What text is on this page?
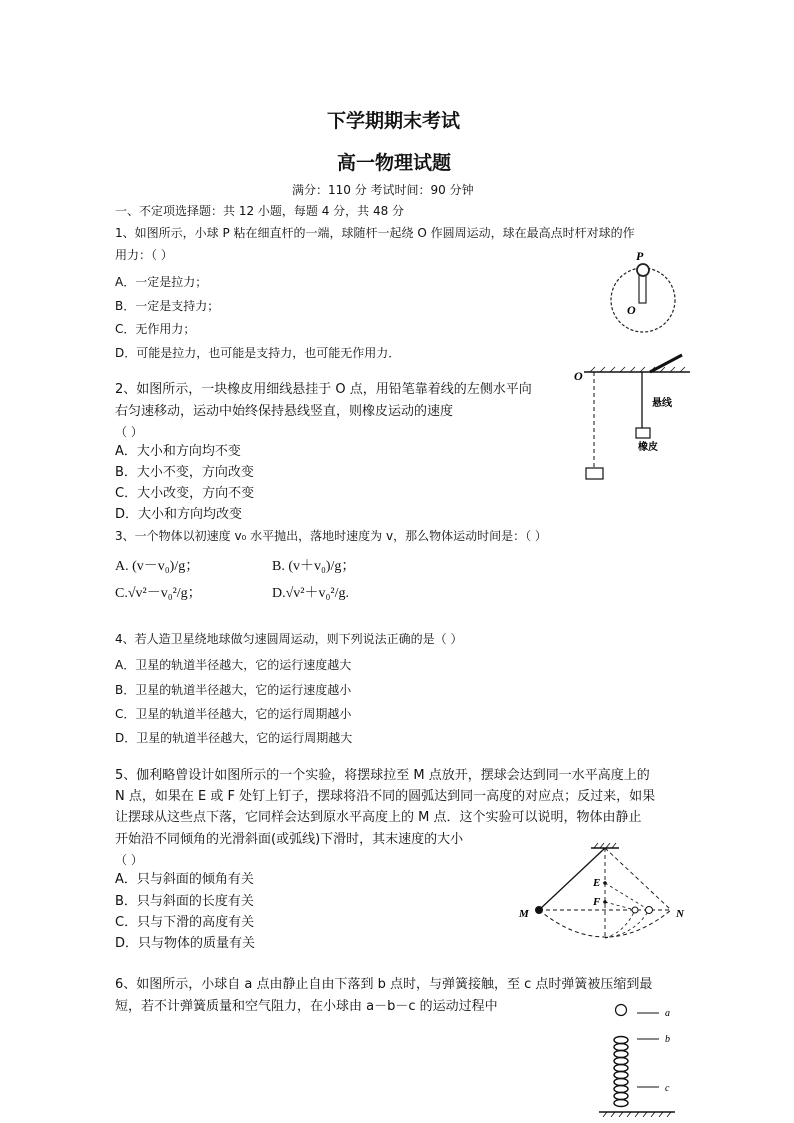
下学期期末考试
高一物理试题
满分：110 分 考试时间：90 分钟
一、不定项选择题：共 12 小题，每题 4 分，共 48 分
1、如图所示，小球 P 粘在细直杆的一端，球随杆一起绕 O 作圆周运动，球在最高点时杆对球的作
用力：（ ）
A．一定是拉力；
B．一定是支持力；
C．无作用力；
D．可能是拉力，也可能是支持力，也可能无作用力．
P
O
2、如图所示，一块橡皮用细线悬挂于 O 点，用铅笔靠着线的左侧水平向
右匀速移动，运动中始终保持悬线竖直，则橡皮运动的速度
（ ）
A．大小和方向均不变
B．大小不变，方向改变
C．大小改变，方向不变
D．大小和方向均改变
O
悬线
橡皮
3、一个物体以初速度 v₀ 水平抛出，落地时速度为 v，那么物体运动时间是：（ ）
A. (v－v₀)/g；	B. (v＋v₀)/g；
C.√v²－v₀²/g；	D.√v²＋v₀²/g.
4、若人造卫星绕地球做匀速圆周运动，则下列说法正确的是（ ）
A．卫星的轨道半径越大，它的运行速度越大
B．卫星的轨道半径越大，它的运行速度越小
C．卫星的轨道半径越大，它的运行周期越小
D．卫星的轨道半径越大，它的运行周期越大
5、伽利略曾设计如图所示的一个实验，将摆球拉至 M 点放开，摆球会达到同一水平高度上的
N 点，如果在 E 或 F 处钉上钉子，摆球将沿不同的圆弧达到同一高度的对应点；反过来，如果
让摆球从这些点下落，它同样会达到原水平高度上的 M 点．这个实验可以说明，物体由静止
开始沿不同倾角的光滑斜面(或弧线)下滑时，其末速度的大小
（ ）
A．只与斜面的倾角有关
B．只与斜面的长度有关
C．只与下滑的高度有关
D．只与物体的质量有关
E
F
M	N
6、如图所示，小球自 a 点由静止自由下落到 b 点时，与弹簧接触，至 c 点时弹簧被压缩到最
短，若不计弹簧质量和空气阻力，在小球由 a－b－c 的运动过程中	a
b
c
